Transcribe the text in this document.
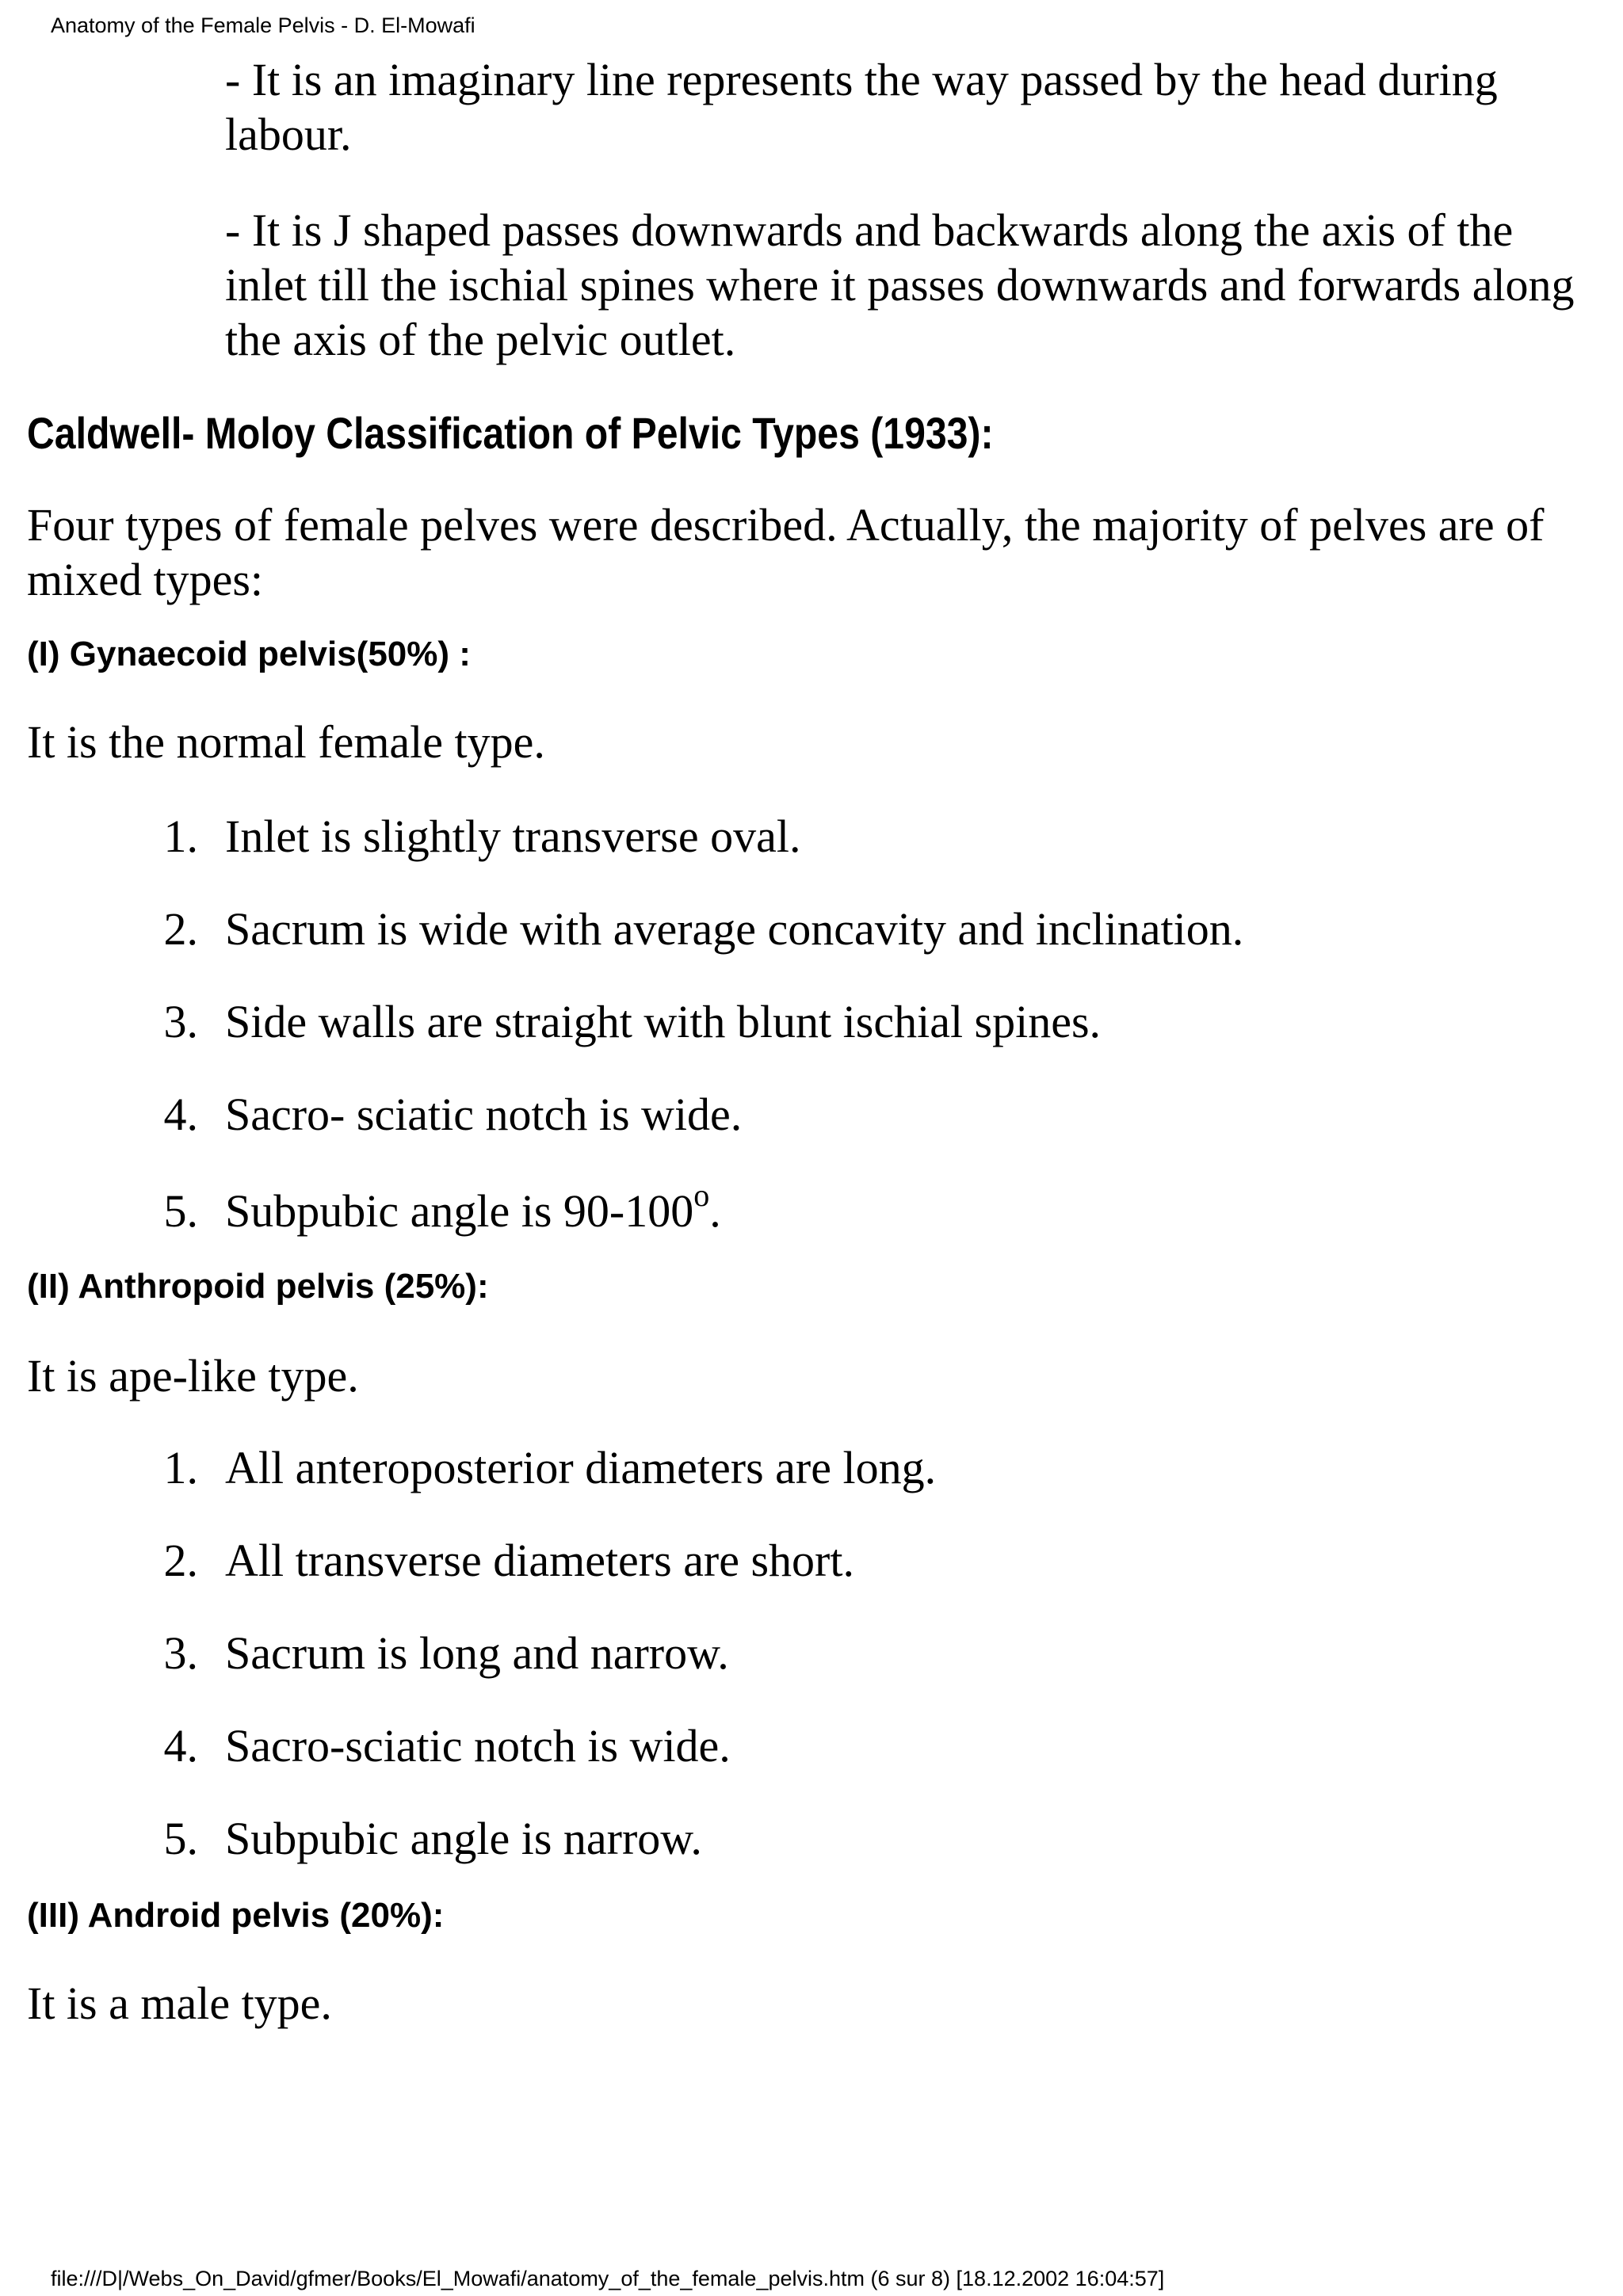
Anatomy of the Female Pelvis - D. El-Mowafi

- It is an imaginary line represents the way passed by the head during labour.

- It is J shaped passes downwards and backwards along the axis of the inlet till the ischial spines where it passes downwards and forwards along the axis of the pelvic outlet.

Caldwell- Moloy Classification of Pelvic Types (1933):

Four types of female pelves were described. Actually, the majority of pelves are of mixed types:

(I) Gynaecoid pelvis(50%) :

It is the normal female type.

1. Inlet is slightly transverse oval.
2. Sacrum is wide with average concavity and inclination.
3. Side walls are straight with blunt ischial spines.
4. Sacro- sciatic notch is wide.
5. Subpubic angle is 90-100$^o$.
(II) Anthropoid pelvis (25%):

It is ape-like type.

1. All anteroposterior diameters are long.
2. All transverse diameters are short.
3. Sacrum is long and narrow.
4. Sacro-sciatic notch is wide.
5. Subpubic angle is narrow.
(III) Android pelvis (20%):

It is a male type.

file:///D|/Webs_On_David/gfmer/Books/El_Mowafi/anatomy_of_the_female_pelvis.htm (6 sur 8) [18.12.2002 16:04:57]
